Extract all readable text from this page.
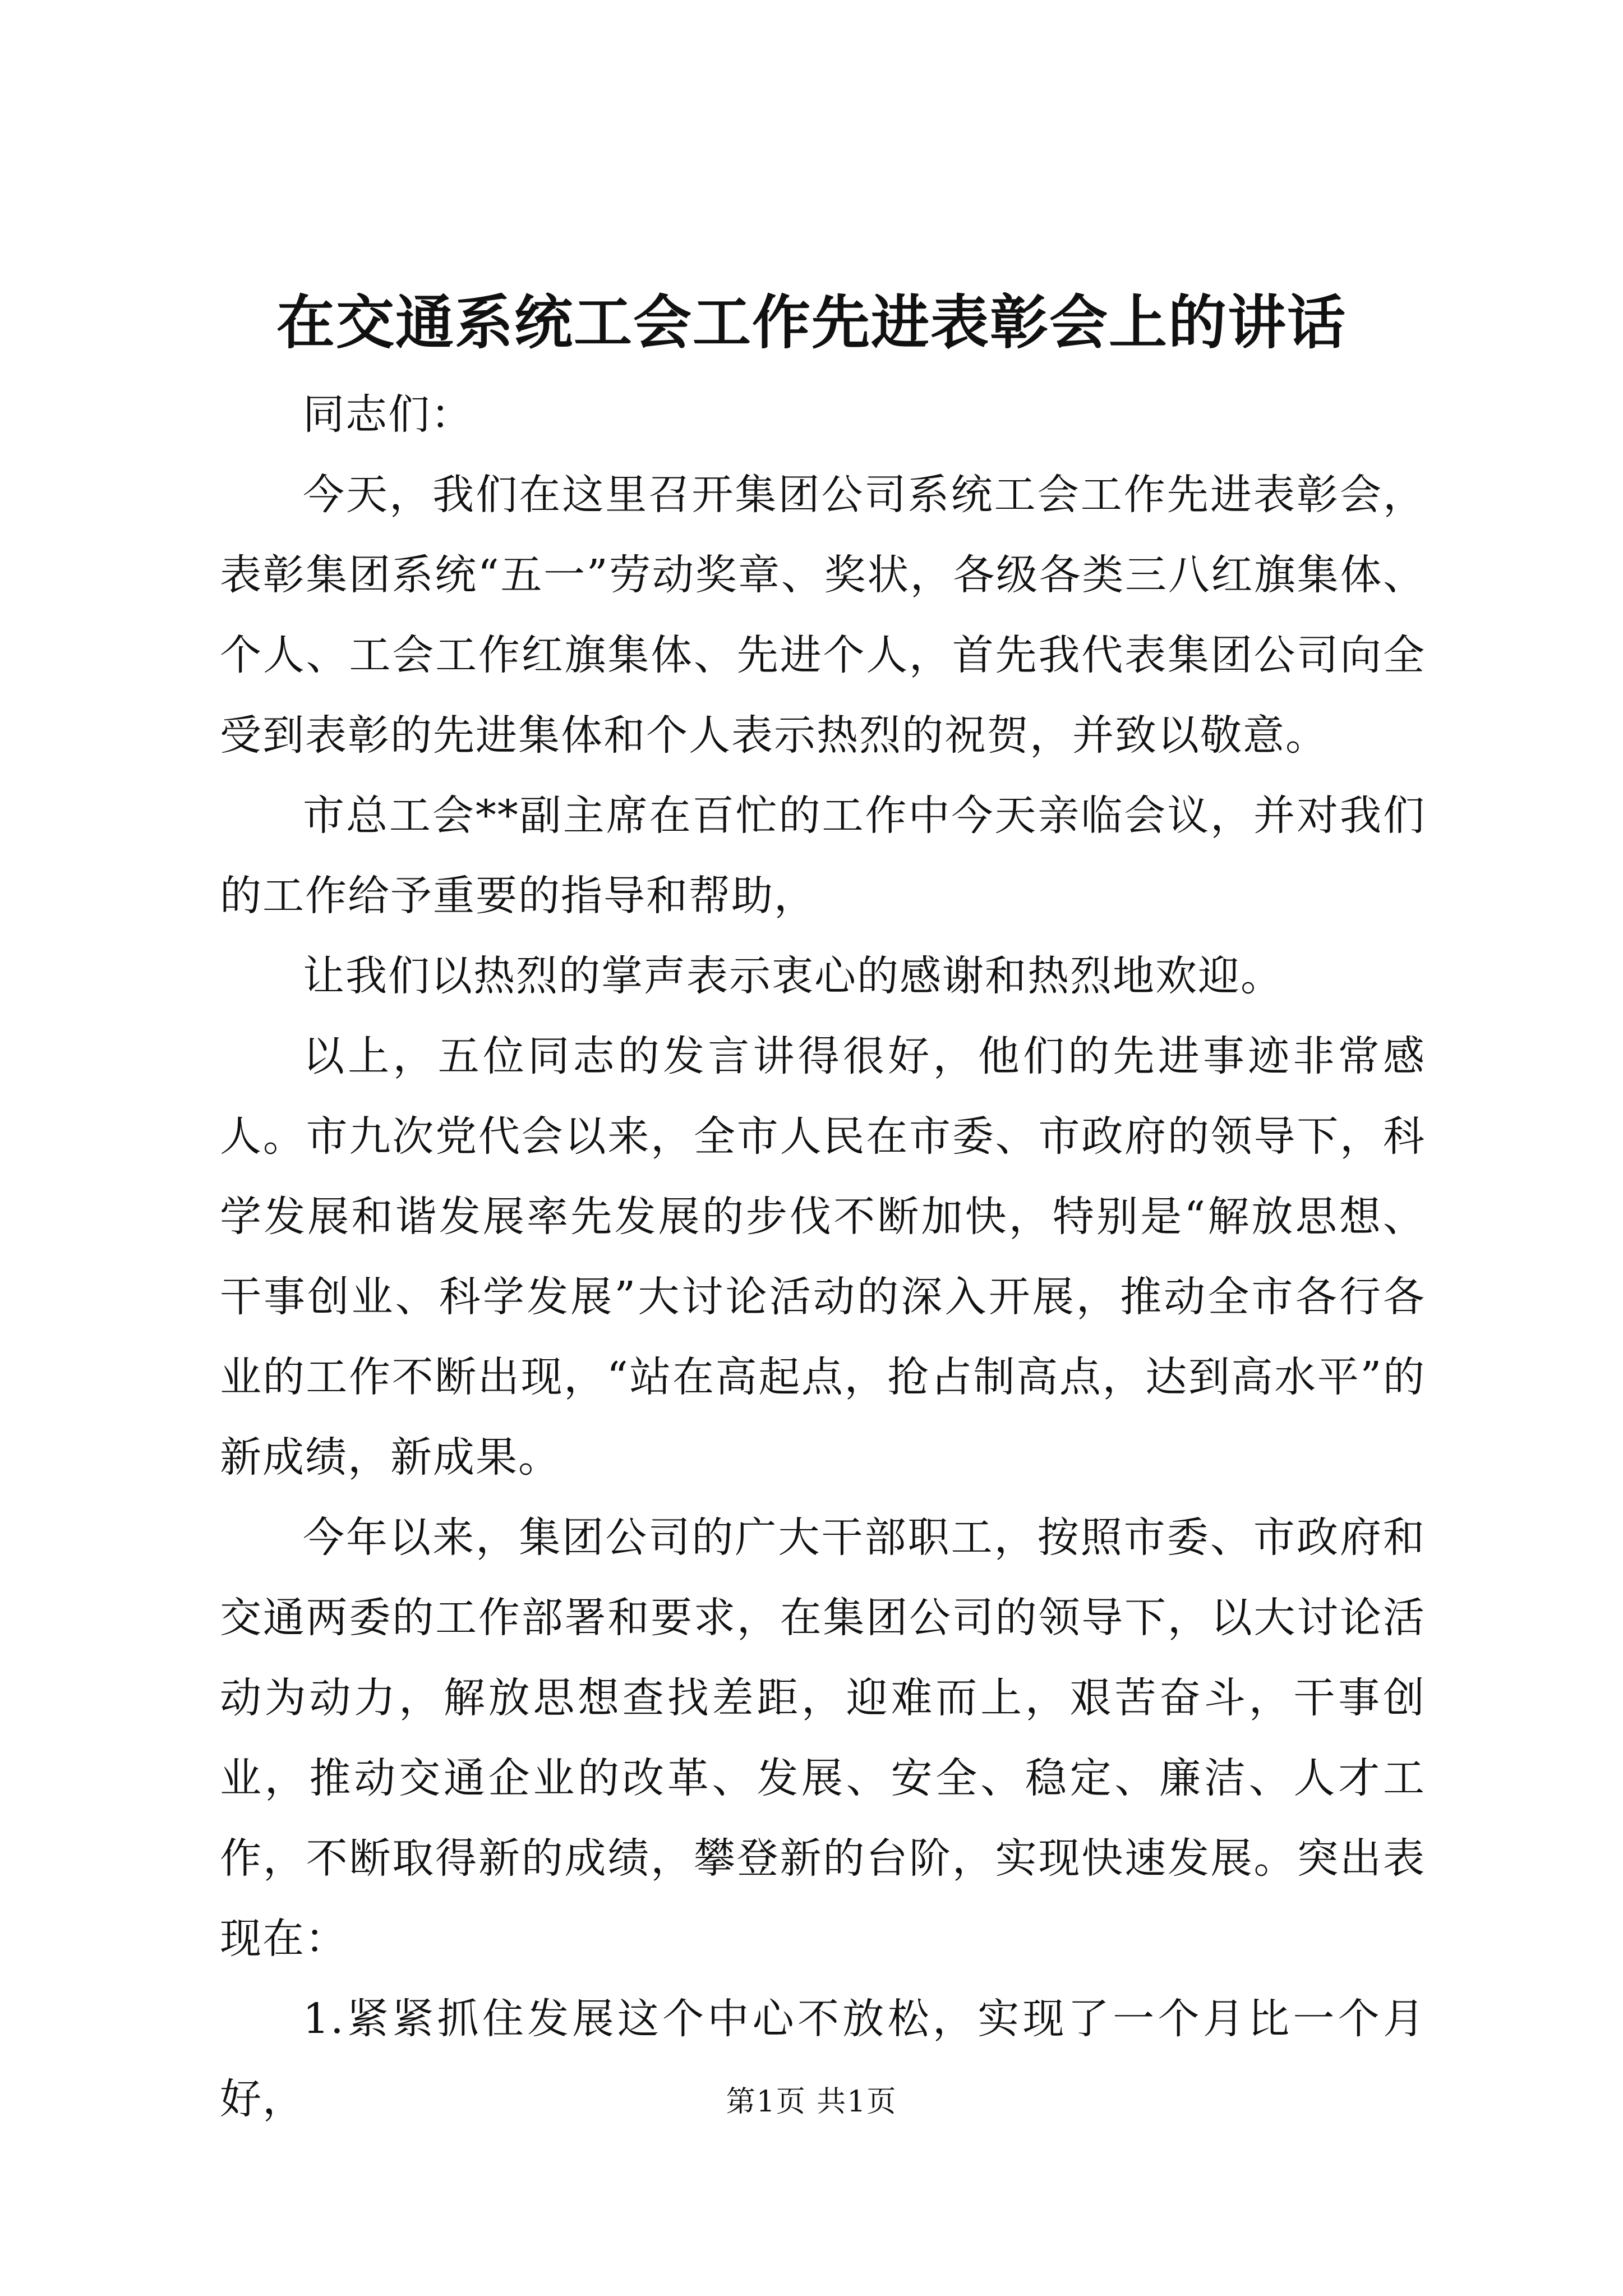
在交通系统工会工作先进表彰会上的讲话

同志们：

今天，我们在这里召开集团公司系统工会工作先进表彰会，表彰集团系统“五一”劳动奖章、奖状，各级各类三八红旗集体、个人、工会工作红旗集体、先进个人，首先我代表集团公司向全受到表彰的先进集体和个人表示热烈的祝贺，并致以敬意。

市总工会**副主席在百忙的工作中今天亲临会议，并对我们的工作给予重要的指导和帮助，

让我们以热烈的掌声表示衷心的感谢和热烈地欢迎。

以上，五位同志的发言讲得很好，他们的先进事迹非常感人。市九次党代会以来，全市人民在市委、市政府的领导下，科学发展和谐发展率先发展的步伐不断加快，特别是“解放思想、干事创业、科学发展”大讨论活动的深入开展，推动全市各行各业的工作不断出现，“站在高起点，抢占制高点，达到高水平”的新成绩，新成果。

今年以来，集团公司的广大干部职工，按照市委、市政府和交通两委的工作部署和要求，在集团公司的领导下，以大讨论活动为动力，解放思想查找差距，迎难而上，艰苦奋斗，干事创业，推动交通企业的改革、发展、安全、稳定、廉洁、人才工作，不断取得新的成绩，攀登新的台阶，实现快速发展。突出表现在：

1.紧紧抓住发展这个中心不放松，实现了一个月比一个月好，	第1页 共1页
